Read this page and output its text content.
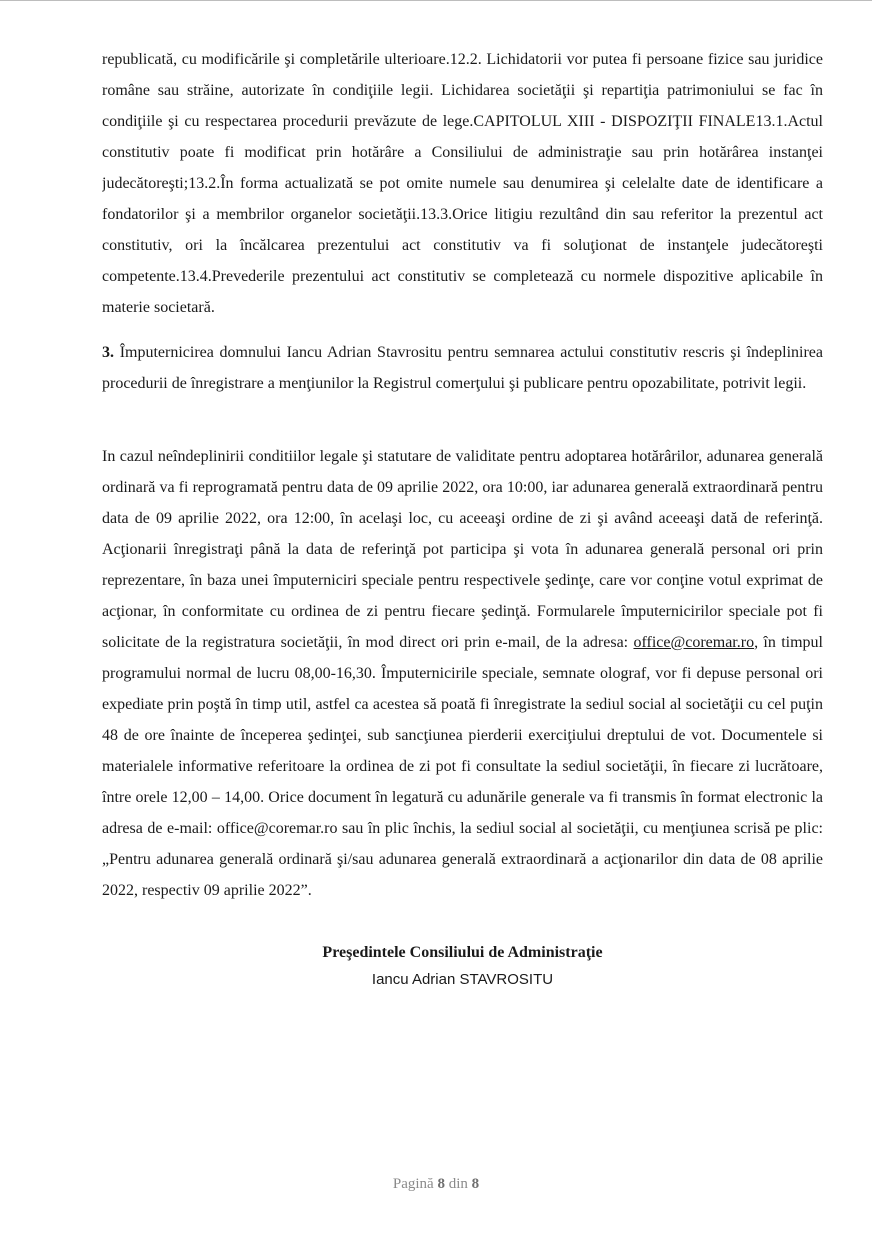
republicată, cu modificările şi completările ulterioare.12.2. Lichidatorii vor putea fi persoane fizice sau juridice române sau străine, autorizate în condiţiile legii. Lichidarea societăţii şi repartiţia patrimoniului se fac în condiţiile şi cu respectarea procedurii prevăzute de lege.CAPITOLUL XIII - DISPOZIŢII FINALE13.1.Actul constitutiv poate fi modificat prin hotărâre a Consiliului de administraţie sau prin hotărârea instanţei judecătoreşti;13.2.În forma actualizată se pot omite numele sau denumirea şi celelalte date de identificare a fondatorilor şi a membrilor organelor societăţii.13.3.Orice litigiu rezultând din sau referitor la prezentul act constitutiv, ori la încălcarea prezentului act constitutiv va fi soluţionat de instanţele judecătoreşti competente.13.4.Prevederile prezentului act constitutiv se completează cu normele dispozitive aplicabile în materie societară.

3. Împuternicirea domnului Iancu Adrian Stavrositu pentru semnarea actului constitutiv rescris şi îndeplinirea procedurii de înregistrare a menţiunilor la Registrul comerţului şi publicare pentru opozabilitate, potrivit legii.

In cazul neîndeplinirii conditiilor legale şi statutare de validitate pentru adoptarea hotărârilor, adunarea generală ordinară va fi reprogramată pentru data de 09 aprilie 2022, ora 10:00, iar adunarea generală extraordinară pentru data de 09 aprilie 2022, ora 12:00, în acelaşi loc, cu aceeaşi ordine de zi şi având aceeaşi dată de referinţă. Acţionarii înregistraţi până la data de referinţă pot participa şi vota în adunarea generală personal ori prin reprezentare, în baza unei împuterniciri speciale pentru respectivele şedinţe, care vor conţine votul exprimat de acţionar, în conformitate cu ordinea de zi pentru fiecare şedinţă. Formularele împuternicirilor speciale pot fi solicitate de la registratura societăţii, în mod direct ori prin e-mail, de la adresa: office@coremar.ro, în timpul programului normal de lucru 08,00-16,30. Împuternicirile speciale, semnate olograf, vor fi depuse personal ori expediate prin poştă în timp util, astfel ca acestea să poată fi înregistrate la sediul social al societăţii cu cel puţin 48 de ore înainte de începerea şedinţei, sub sancţiunea pierderii exerciţiului dreptului de vot. Documentele si materialele informative referitoare la ordinea de zi pot fi consultate la sediul societăţii, în fiecare zi lucrătoare, între orele 12,00 – 14,00. Orice document în legatură cu adunările generale va fi transmis în format electronic la adresa de e-mail: office@coremar.ro sau în plic închis, la sediul social al societăţii, cu menţiunea scrisă pe plic: „Pentru adunarea generală ordinară şi/sau adunarea generală extraordinară a acţionarilor din data de 08 aprilie 2022, respectiv 09 aprilie 2022”.

Preşedintele Consiliului de Administraţie
Iancu Adrian STAVROSITU
Pagină 8 din 8
